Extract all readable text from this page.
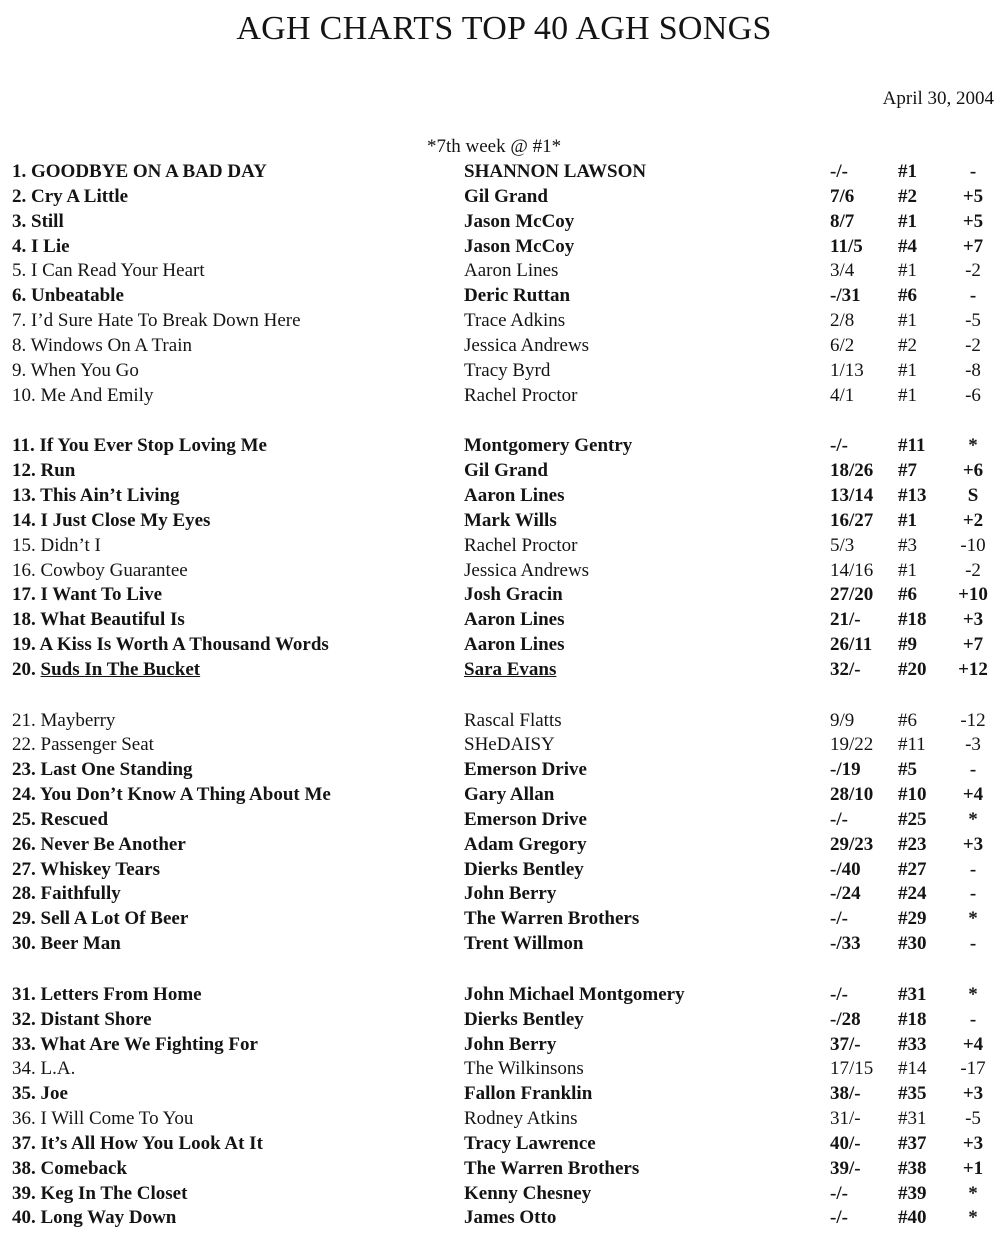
AGH CHARTS TOP 40 AGH SONGS
April 30, 2004
*7th week @ #1*
1. GOODBYE ON A BAD DAY	SHANNON LAWSON	-/-	#1	-
2. Cry A Little	Gil Grand	7/6	#2	+5
3. Still	Jason McCoy	8/7	#1	+5
4. I Lie	Jason McCoy	11/5	#4	+7
5. I Can Read Your Heart	Aaron Lines	3/4	#1	-2
6. Unbeatable	Deric Ruttan	-/31	#6	-
7. I’d Sure Hate To Break Down Here	Trace Adkins	2/8	#1	-5
8. Windows On A Train	Jessica Andrews	6/2	#2	-2
9. When You Go	Tracy Byrd	1/13	#1	-8
10. Me And Emily	Rachel Proctor	4/1	#1	-6
11. If You Ever Stop Loving Me	Montgomery Gentry	-/-	#11	*
12. Run	Gil Grand	18/26	#7	+6
13. This Ain’t Living	Aaron Lines	13/14	#13	S
14. I Just Close My Eyes	Mark Wills	16/27	#1	+2
15. Didn’t I	Rachel Proctor	5/3	#3	-10
16. Cowboy Guarantee	Jessica Andrews	14/16	#1	-2
17. I Want To Live	Josh Gracin	27/20	#6	+10
18. What Beautiful Is	Aaron Lines	21/-	#18	+3
19. A Kiss Is Worth A Thousand Words	Aaron Lines	26/11	#9	+7
20. Suds In The Bucket	Sara Evans	32/-	#20	+12
21. Mayberry	Rascal Flatts	9/9	#6	-12
22. Passenger Seat	SHeDAISY	19/22	#11	-3
23. Last One Standing	Emerson Drive	-/19	#5	-
24. You Don’t Know A Thing About Me	Gary Allan	28/10	#10	+4
25. Rescued	Emerson Drive	-/-	#25	*
26. Never Be Another	Adam Gregory	29/23	#23	+3
27. Whiskey Tears	Dierks Bentley	-/40	#27	-
28. Faithfully	John Berry	-/24	#24	-
29. Sell A Lot Of Beer	The Warren Brothers	-/-	#29	*
30. Beer Man	Trent Willmon	-/33	#30	-
31. Letters From Home	John Michael Montgomery	-/-	#31	*
32. Distant Shore	Dierks Bentley	-/28	#18	-
33. What Are We Fighting For	John Berry	37/-	#33	+4
34. L.A.	The Wilkinsons	17/15	#14	-17
35. Joe	Fallon Franklin	38/-	#35	+3
36. I Will Come To You	Rodney Atkins	31/-	#31	-5
37. It’s All How You Look At It	Tracy Lawrence	40/-	#37	+3
38. Comeback	The Warren Brothers	39/-	#38	+1
39. Keg In The Closet	Kenny Chesney	-/-	#39	*
40. Long Way Down	James Otto	-/-	#40	*
